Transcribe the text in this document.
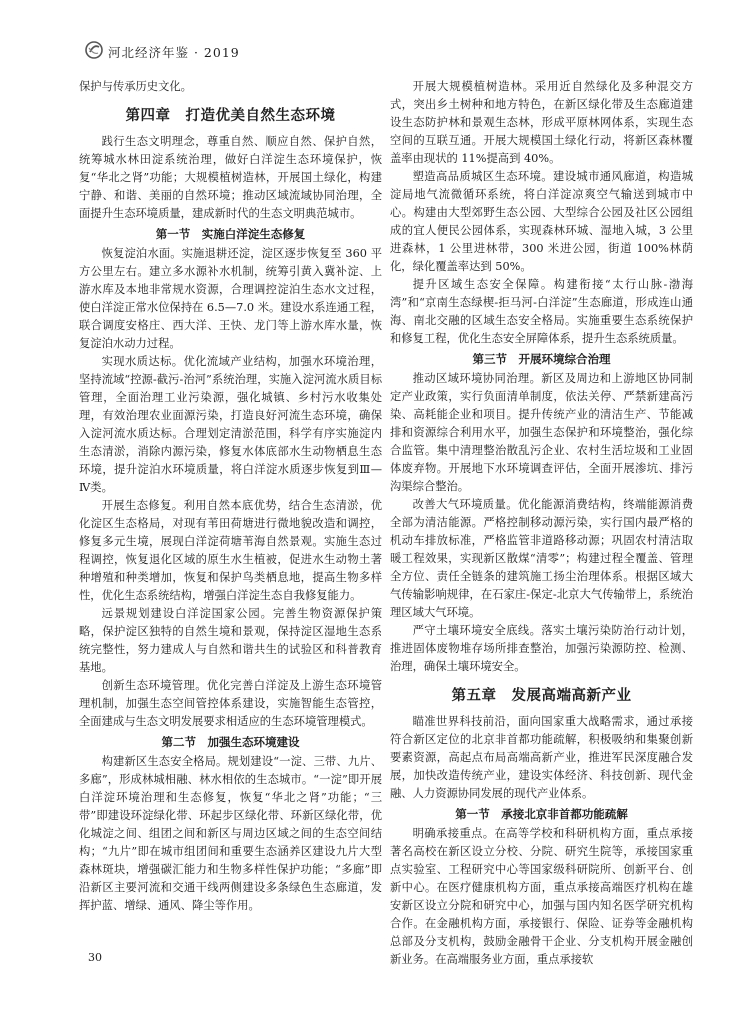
河北经济年鉴 · 2019

保护与传承历史文化。

第四章　打造优美自然生态环境

践行生态文明理念，尊重自然、顺应自然、保护自然，统筹城水林田淀系统治理，做好白洋淀生态环境保护，恢复“华北之肾”功能；大规模植树造林，开展国土绿化，构建宁静、和谐、美丽的自然环境；推动区域流域协同治理，全面提升生态环境质量，建成新时代的生态文明典范城市。

第一节　实施白洋淀生态修复

恢复淀泊水面。实施退耕还淀，淀区逐步恢复至 360 平方公里左右。建立多水源补水机制，统筹引黄入冀补淀、上游水库及本地非常规水资源，合理调控淀泊生态水文过程，使白洋淀正常水位保持在 6.5—7.0 米。建设水系连通工程，联合调度安格庄、西大洋、王快、龙门等上游水库水量，恢复淀泊水动力过程。

实现水质达标。优化流域产业结构，加强水环境治理，坚持流域“控源-截污-治河”系统治理，实施入淀河流水质目标管理，全面治理工业污染源，强化城镇、乡村污水收集处理，有效治理农业面源污染，打造良好河流生态环境，确保入淀河流水质达标。合理划定清淤范围，科学有序实施淀内生态清淤，消除内源污染，修复水体底部水生动物栖息生态环境，提升淀泊水环境质量，将白洋淀水质逐步恢复到Ⅲ—Ⅳ类。

开展生态修复。利用自然本底优势，结合生态清淤，优化淀区生态格局，对现有苇田荷塘进行微地貌改造和调控，修复多元生境，展现白洋淀荷塘苇海自然景观。实施生态过程调控，恢复退化区域的原生水生植被，促进水生动物土著种增殖和种类增加，恢复和保护鸟类栖息地，提高生物多样性，优化生态系统结构，增强白洋淀生态自我修复能力。

远景规划建设白洋淀国家公园。完善生物资源保护策略，保护淀区独特的自然生境和景观，保持淀区湿地生态系统完整性，努力建成人与自然和谐共生的试验区和科普教育基地。

创新生态环境管理。优化完善白洋淀及上游生态环境管理机制，加强生态空间管控体系建设，实施智能生态管控，全面建成与生态文明发展要求相适应的生态环境管理模式。

第二节　加强生态环境建设

构建新区生态安全格局。规划建设“一淀、三带、九片、多廊”，形成林城相融、林水相依的生态城市。“一淀”即开展白洋淀环境治理和生态修复，恢复“华北之肾”功能；“三带”即建设环淀绿化带、环起步区绿化带、环新区绿化带，优化城淀之间、组团之间和新区与周边区域之间的生态空间结构；“九片”即在城市组团间和重要生态涵养区建设九片大型森林斑块，增强碳汇能力和生物多样性保护功能；“多廊”即沿新区主要河流和交通干线两侧建设多条绿色生态廊道，发挥护蓝、增绿、通风、降尘等作用。

开展大规模植树造林。采用近自然绿化及多种混交方式，突出乡土树种和地方特色，在新区绿化带及生态廊道建设生态防护林和景观生态林，形成平原林网体系，实现生态空间的互联互通。开展大规模国土绿化行动，将新区森林覆盖率由现状的 11%提高到 40%。

塑造高品质城区生态环境。建设城市通风廊道，构造城淀局地气流微循环系统，将白洋淀凉爽空气输送到城市中心。构建由大型郊野生态公园、大型综合公园及社区公园组成的宜人便民公园体系，实现森林环城、湿地入城，3 公里进森林，1 公里进林带，300 米进公园，街道 100%林荫化，绿化覆盖率达到 50%。

提升区域生态安全保障。构建衔接“太行山脉-渤海湾”和“京南生态绿楔-拒马河-白洋淀”生态廊道，形成连山通海、南北交融的区域生态安全格局。实施重要生态系统保护和修复工程，优化生态安全屏障体系，提升生态系统质量。

第三节　开展环境综合治理

推动区域环境协同治理。新区及周边和上游地区协同制定产业政策，实行负面清单制度，依法关停、严禁新建高污染、高耗能企业和项目。提升传统产业的清洁生产、节能减排和资源综合利用水平，加强生态保护和环境整治，强化综合监管。集中清理整治散乱污企业、农村生活垃圾和工业固体废弃物。开展地下水环境调查评估，全面开展渗坑、排污沟渠综合整治。

改善大气环境质量。优化能源消费结构，终端能源消费全部为清洁能源。严格控制移动源污染，实行国内最严格的机动车排放标准，严格监管非道路移动源；巩固农村清洁取暖工程效果，实现新区散煤“清零”；构建过程全覆盖、管理全方位、责任全链条的建筑施工扬尘治理体系。根据区域大气传输影响规律，在石家庄-保定-北京大气传输带上，系统治理区域大气环境。

严守土壤环境安全底线。落实土壤污染防治行动计划，推进固体废物堆存场所排查整治，加强污染源防控、检测、治理，确保土壤环境安全。

第五章　发展高端高新产业

瞄准世界科技前沿，面向国家重大战略需求，通过承接符合新区定位的北京非首都功能疏解，积极吸纳和集聚创新要素资源，高起点布局高端高新产业，推进军民深度融合发展，加快改造传统产业，建设实体经济、科技创新、现代金融、人力资源协同发展的现代产业体系。

第一节　承接北京非首都功能疏解

明确承接重点。在高等学校和科研机构方面，重点承接著名高校在新区设立分校、分院、研究生院等，承接国家重点实验室、工程研究中心等国家级科研院所、创新平台、创新中心。在医疗健康机构方面，重点承接高端医疗机构在雄安新区设立分院和研究中心，加强与国内知名医学研究机构合作。在金融机构方面，承接银行、保险、证券等金融机构总部及分支机构，鼓励金融骨干企业、分支机构开展金融创新业务。在高端服务业方面，重点承接软

30
